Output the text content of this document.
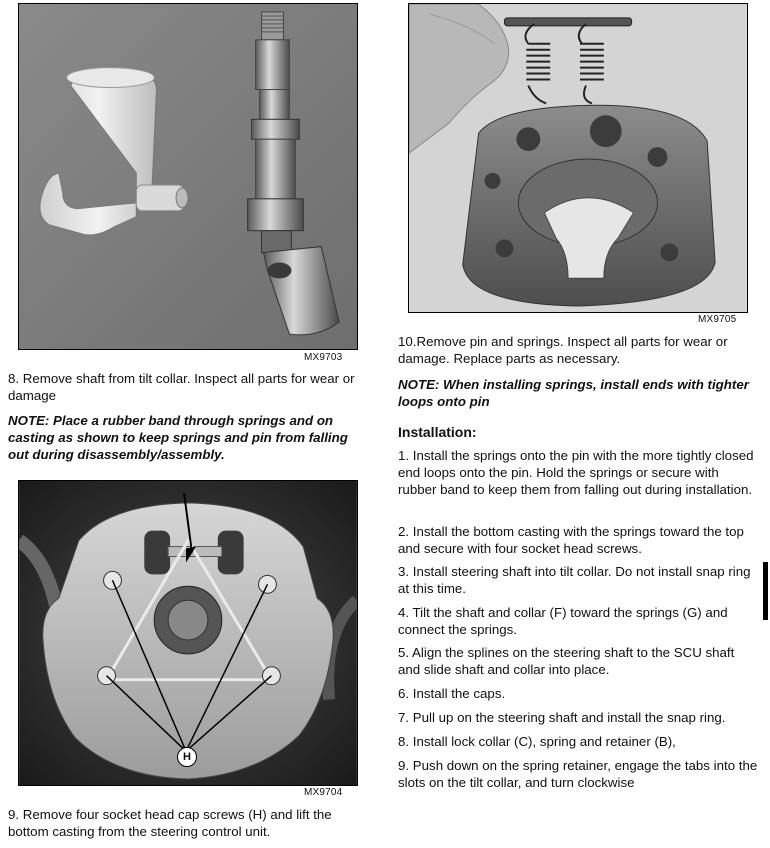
MX9703
MX9705
8. Remove shaft from tilt collar. Inspect all parts for wear or damage
NOTE: Place a rubber band through springs and on casting as shown to keep springs and pin from falling out during disassembly/assembly.
H
MX9704
9. Remove four socket head cap screws (H) and lift the bottom casting from the steering control unit.
10.Remove pin and springs. Inspect all parts for wear or damage. Replace parts as necessary.
NOTE: When installing springs, install ends with tighter loops onto pin
Installation:
1. Install the springs onto the pin with the more tightly closed end loops onto the pin. Hold the springs or secure with rubber band to keep them from falling out during installation.
2. Install the bottom casting with the springs toward the top and secure with four socket head screws.
3. Install steering shaft into tilt collar. Do not install snap ring at this time.
4. Tilt the shaft and collar (F) toward the springs (G) and connect the springs.
5. Align the splines on the steering shaft to the SCU shaft and slide shaft and collar into place.
6. Install the caps.
7. Pull up on the steering shaft and install the snap ring.
8. Install lock collar (C), spring and retainer (B),
9. Push down on the spring retainer, engage the tabs into the slots on the tilt collar, and turn clockwise
